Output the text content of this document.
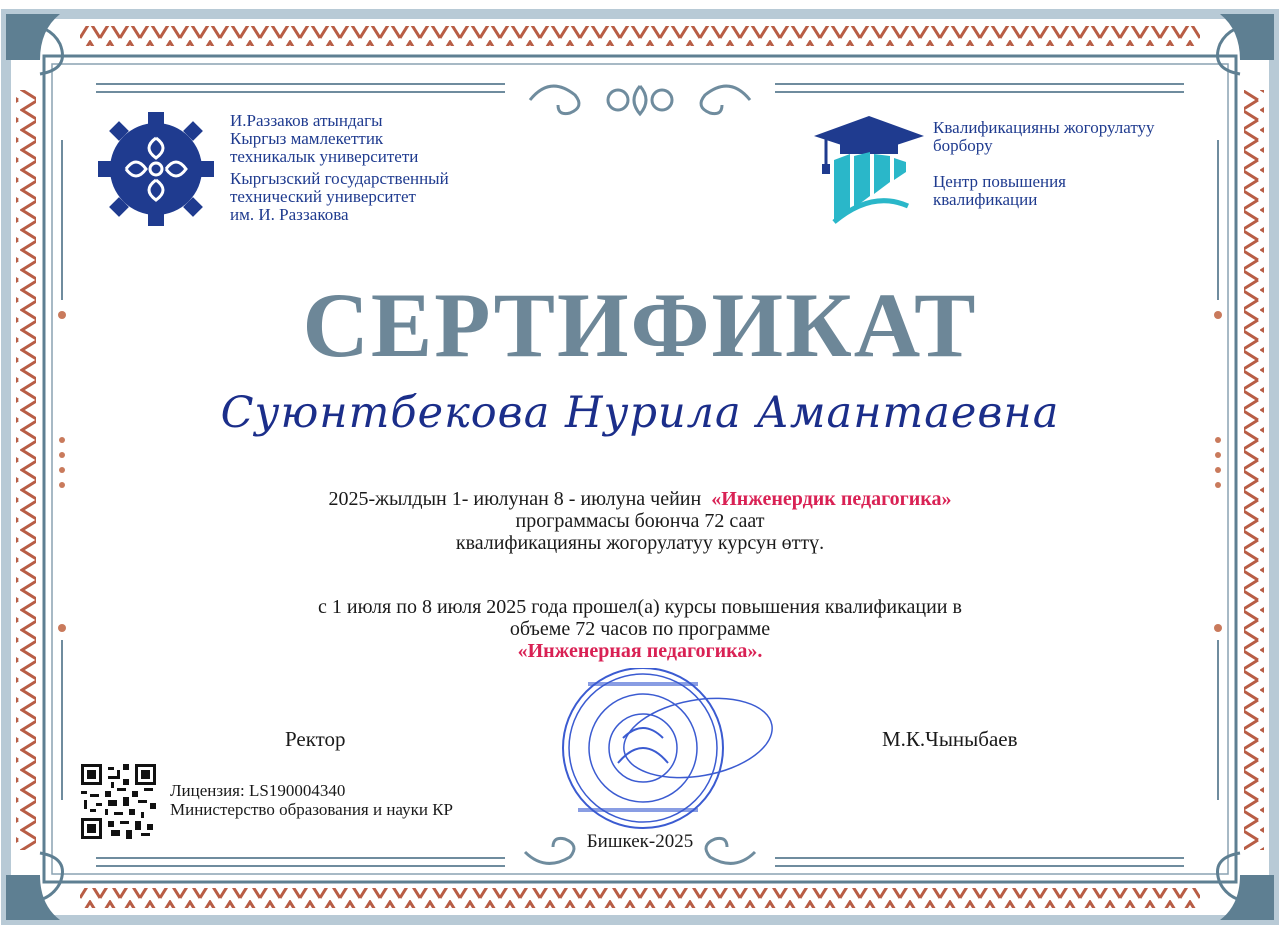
И.Раззаков атындагы
Кыргыз мамлекеттик
техникалык университети
Кыргызский государственный
технический университет
им. И. Раззакова
Квалификацияны жогорулатуу
борбору
Центр повышения
квалификации
СЕРТИФИКАТ
Суюнтбекова Нурила Амантаевна
2025-жылдын 1- июлунан 8 - июлуна чейин «Инженердик педагогика»
программасы боюнча 72 саат
квалификацияны жогорулатуу курсун өттү.
с 1 июля по 8 июля 2025 года прошел(а) курсы повышения квалификации в
объеме 72 часов по программе
«Инженерная педагогика».
Ректор	М.К.Чыныбаев
Лицензия: LS190004340
Министерство образования и науки КР
Бишкек-2025
